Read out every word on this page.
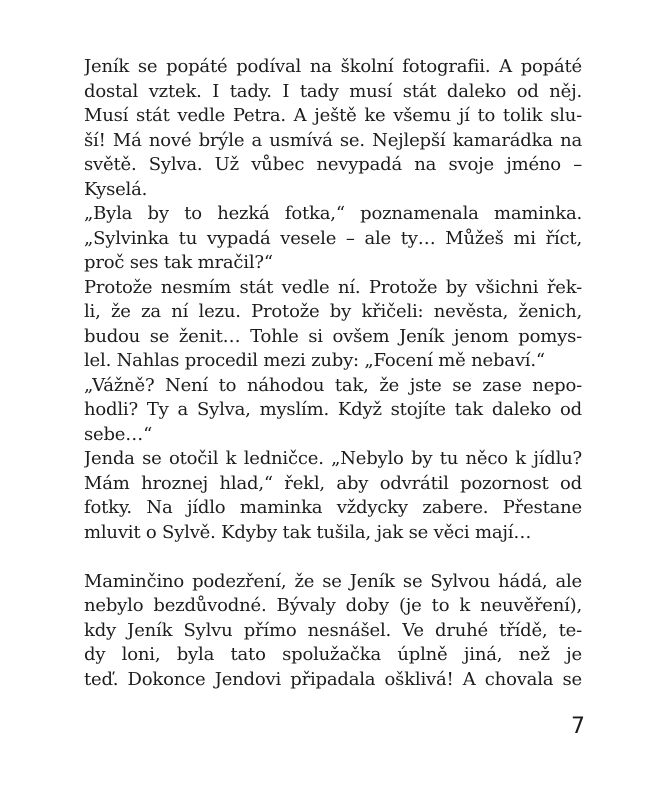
Jeník se popáté podíval na školní fotografii. A popáté
dostal vztek. I tady. I tady musí stát daleko od něj.
Musí stát vedle Petra. A ještě ke všemu jí to tolik slu-
ší! Má nové brýle a usmívá se. Nejlepší kamarádka na
světě. Sylva. Už vůbec nevypadá na svoje jméno –
Kyselá.
„Byla by to hezká fotka,“ poznamenala maminka.
„Sylvinka tu vypadá vesele – ale ty… Můžeš mi říct,
proč ses tak mračil?“
Protože nesmím stát vedle ní. Protože by všichni řek-
li, že za ní lezu. Protože by křičeli: nevěsta, ženich,
budou se ženit… Tohle si ovšem Jeník jenom pomys-
lel. Nahlas procedil mezi zuby: „Focení mě nebaví.“
„Vážně? Není to náhodou tak, že jste se zase nepo-
hodli? Ty a Sylva, myslím. Když stojíte tak daleko od
sebe…“
Jenda se otočil k ledničce. „Nebylo by tu něco k jídlu?
Mám hroznej hlad,“ řekl, aby odvrátil pozornost od
fotky. Na jídlo maminka vždycky zabere. Přestane
mluvit o Sylvě. Kdyby tak tušila, jak se věci mají…
Maminčino podezření, že se Jeník se Sylvou hádá, ale
nebylo bezdůvodné. Bývaly doby (je to k neuvěření),
kdy Jeník Sylvu přímo nesnášel. Ve druhé třídě, te-
dy loni, byla tato spolužačka úplně jiná, než je
teď. Dokonce Jendovi připadala ošklivá! A chovala se
7
